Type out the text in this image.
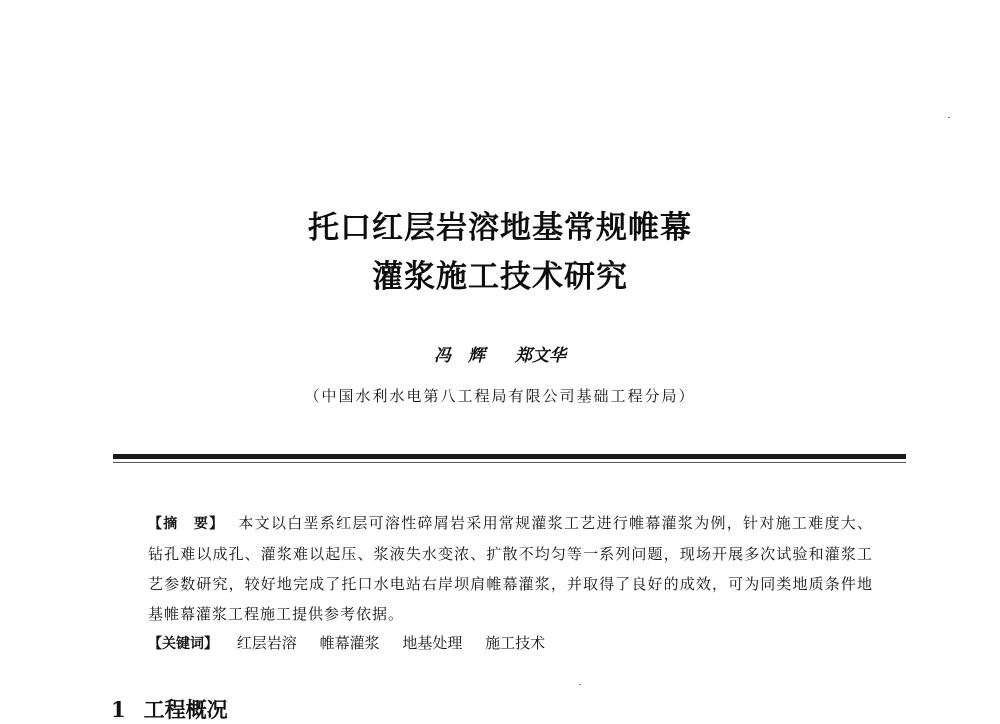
托口红层岩溶地基常规帷幕
灌浆施工技术研究
冯　辉 郑文华
（中国水利水电第八工程局有限公司基础工程分局）
【摘　要】 本文以白垩系红层可溶性碎屑岩采用常规灌浆工艺进行帷幕灌浆为例，针对施工难度大、钻孔难以成孔、灌浆难以起压、浆液失水变浓、扩散不均匀等一系列问题，现场开展多次试验和灌浆工艺参数研究，较好地完成了托口水电站右岸坝肩帷幕灌浆，并取得了良好的成效，可为同类地质条件地基帷幕灌浆工程施工提供参考依据。
【关键词】 红层岩溶 帷幕灌浆 地基处理 施工技术
1 工程概况
